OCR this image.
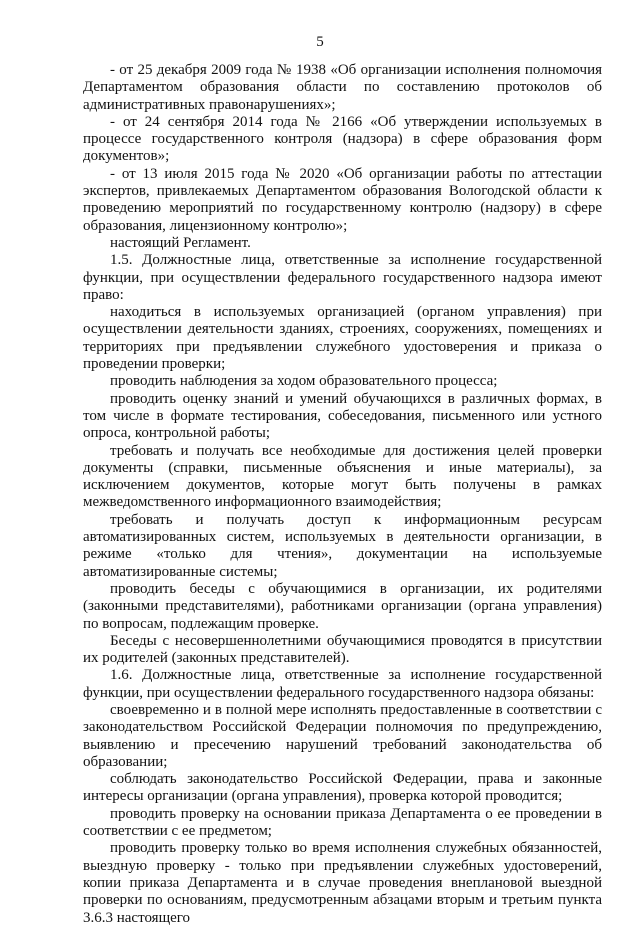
5

- от 25 декабря 2009 года № 1938 «Об организации исполнения полномочия Департаментом образования области по составлению протоколов об административных правонарушениях»;

- от 24 сентября 2014 года № 2166 «Об утверждении используемых в процессе государственного контроля (надзора) в сфере образования форм документов»;

- от 13 июля 2015 года № 2020 «Об организации работы по аттестации экспертов, привлекаемых Департаментом образования Вологодской области к проведению мероприятий по государственному контролю (надзору) в сфере образования, лицензионному контролю»;

настоящий Регламент.

1.5. Должностные лица, ответственные за исполнение государственной функции, при осуществлении федерального государственного надзора имеют право:

находиться в используемых организацией (органом управления) при осуществлении деятельности зданиях, строениях, сооружениях, помещениях и территориях при предъявлении служебного удостоверения и приказа о проведении проверки;

проводить наблюдения за ходом образовательного процесса;

проводить оценку знаний и умений обучающихся в различных формах, в том числе в формате тестирования, собеседования, письменного или устного опроса, контрольной работы;

требовать и получать все необходимые для достижения целей проверки документы (справки, письменные объяснения и иные материалы), за исключением документов, которые могут быть получены в рамках межведомственного информационного взаимодействия;

требовать и получать доступ к информационным ресурсам автоматизированных систем, используемых в деятельности организации, в режиме «только для чтения», документации на используемые автоматизированные системы;

проводить беседы с обучающимися в организации, их родителями (законными представителями), работниками организации (органа управления) по вопросам, подлежащим проверке.

Беседы с несовершеннолетними обучающимися проводятся в присутствии их родителей (законных представителей).

1.6. Должностные лица, ответственные за исполнение государственной функции, при осуществлении федерального государственного надзора обязаны:

своевременно и в полной мере исполнять предоставленные в соответствии с законодательством Российской Федерации полномочия по предупреждению, выявлению и пресечению нарушений требований законодательства об образовании;

соблюдать законодательство Российской Федерации, права и законные интересы организации (органа управления), проверка которой проводится;

проводить проверку на основании приказа Департамента о ее проведении в соответствии с ее предметом;

проводить проверку только во время исполнения служебных обязанностей, выездную проверку - только при предъявлении служебных удостоверений, копии приказа Департамента и в случае проведения внеплановой выездной проверки по основаниям, предусмотренным абзацами вторым и третьим пункта 3.6.3 настоящего
